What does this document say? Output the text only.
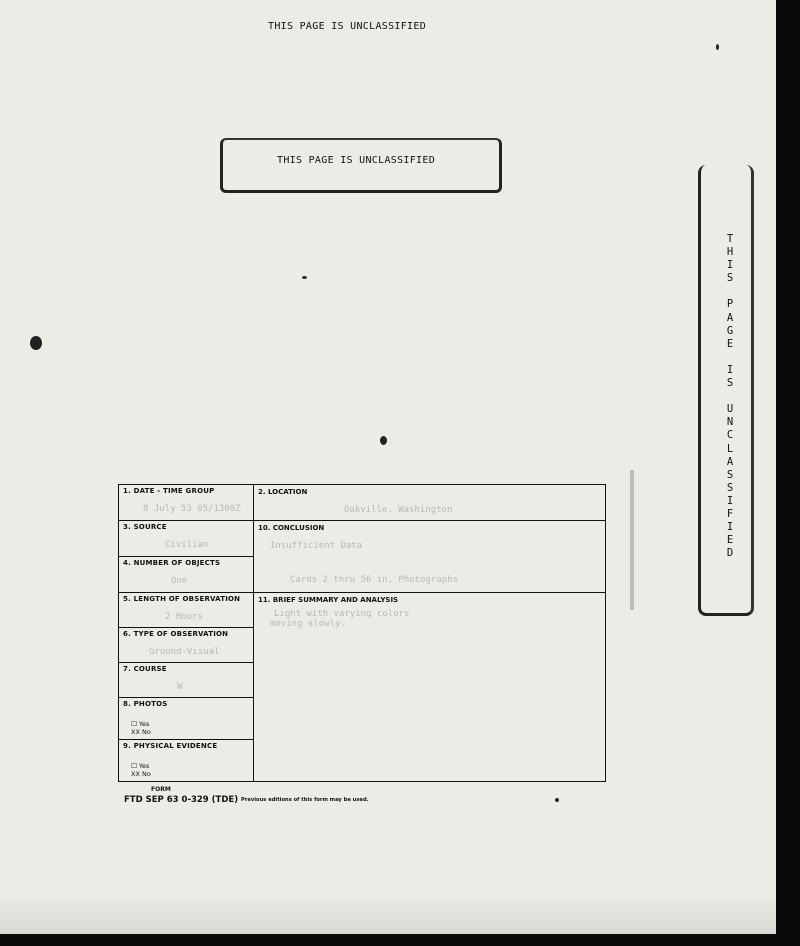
THIS PAGE IS UNCLASSIFIED
THIS PAGE IS UNCLASSIFIED
T
H
I
S

P
A
G
E

I
S

U
N
C
L
A
S
S
I
F
I
E
D
1. DATE - TIME GROUP
8 July 53 05/1300Z
3. SOURCE
Civilian
4. NUMBER OF OBJECTS
One
5. LENGTH OF OBSERVATION
2 Hours
6. TYPE OF OBSERVATION
Ground-Visual
7. COURSE
W
8. PHOTOS
☐ Yes
XX No
9. PHYSICAL EVIDENCE
☐ Yes
XX No
2. LOCATION
Oakville, Washington
10. CONCLUSION
Insufficient Data
Cards 2 thru 56 in, Photographs
11. BRIEF SUMMARY AND ANALYSIS
Light with varying colors
moving slowly.
FORM
FTD SEP 63 0-329 (TDE) Previous editions of this form may be used.
